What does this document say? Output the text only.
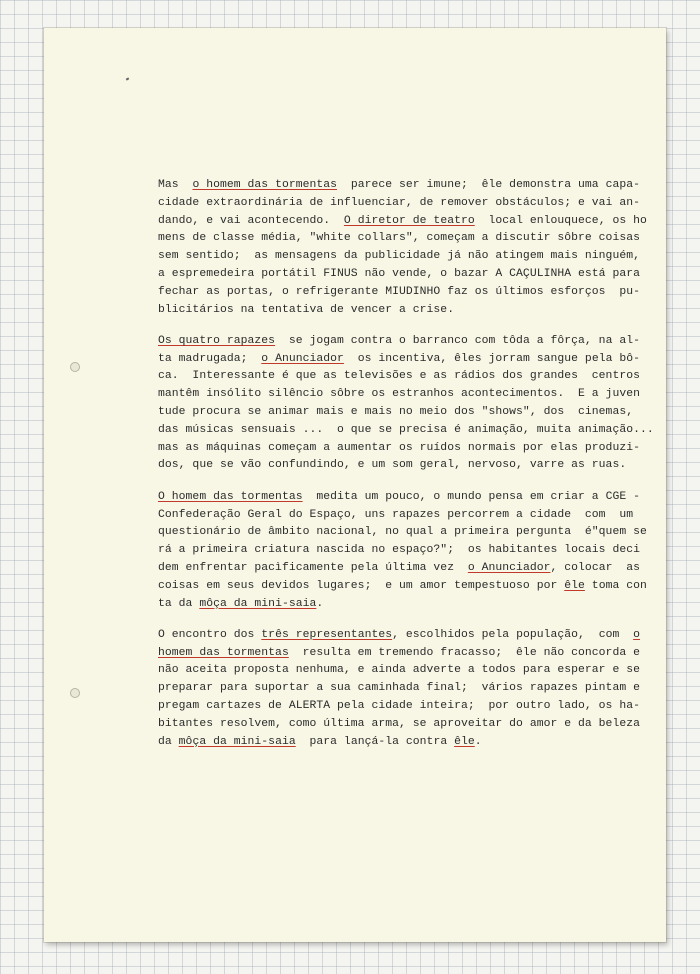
Mas  o homem das tormentas  parece ser imune;  êle demonstra uma capa-
cidade extraordinária de influenciar, de remover obstáculos; e vai an-
dando, e vai acontecendo.  O diretor de teatro  local enlouquece, os ho
mens de classe média, "white collars", começam a discutir sôbre coisas
sem sentido;  as mensagens da publicidade já não atingem mais ninguém,
a espremedeira portátil FINUS não vende, o bazar A CAÇULINHA está para
fechar as portas, o refrigerante MIUDINHO faz os últimos esforços  pu-
blicitários na tentativa de vencer a crise.
Os quatro rapazes  se jogam contra o barranco com tôda a fôrça, na al-
ta madrugada;  o Anunciador  os incentiva, êles jorram sangue pela bô-
ca.  Interessante é que as televisões e as rádios dos grandes  centros
mantêm insólito silêncio sôbre os estranhos acontecimentos.  E a juven
tude procura se animar mais e mais no meio dos "shows", dos  cinemas,
das músicas sensuais ...  o que se precisa é animação, muita animação...
mas as máquinas começam a aumentar os ruídos normais por elas produzi-
dos, que se vão confundindo, e um som geral, nervoso, varre as ruas.
O homem das tormentas  medita um pouco, o mundo pensa em criar a CGE -
Confederação Geral do Espaço, uns rapazes percorrem a cidade  com  um
questionário de âmbito nacional, no qual a primeira pergunta  é"quem se
rá a primeira criatura nascida no espaço?";  os habitantes locais deci
dem enfrentar pacìficamente pela última vez  o Anunciador, colocar  as
coisas em seus devidos lugares;  e um amor tempestuoso por êle toma con
ta da môça da mini-saia.
O encontro dos três representantes, escolhidos pela população,  com  o
homem das tormentas  resulta em tremendo fracasso;  êle não concorda e
não aceita proposta nenhuma, e ainda adverte a todos para esperar e se
preparar para suportar a sua caminhada final;  vários rapazes pintam e
pregam cartazes de ALERTA pela cidade inteira;  por outro lado, os ha-
bitantes resolvem, como última arma, se aproveitar do amor e da beleza
da môça da mini-saia  para lançá-la contra êle.
